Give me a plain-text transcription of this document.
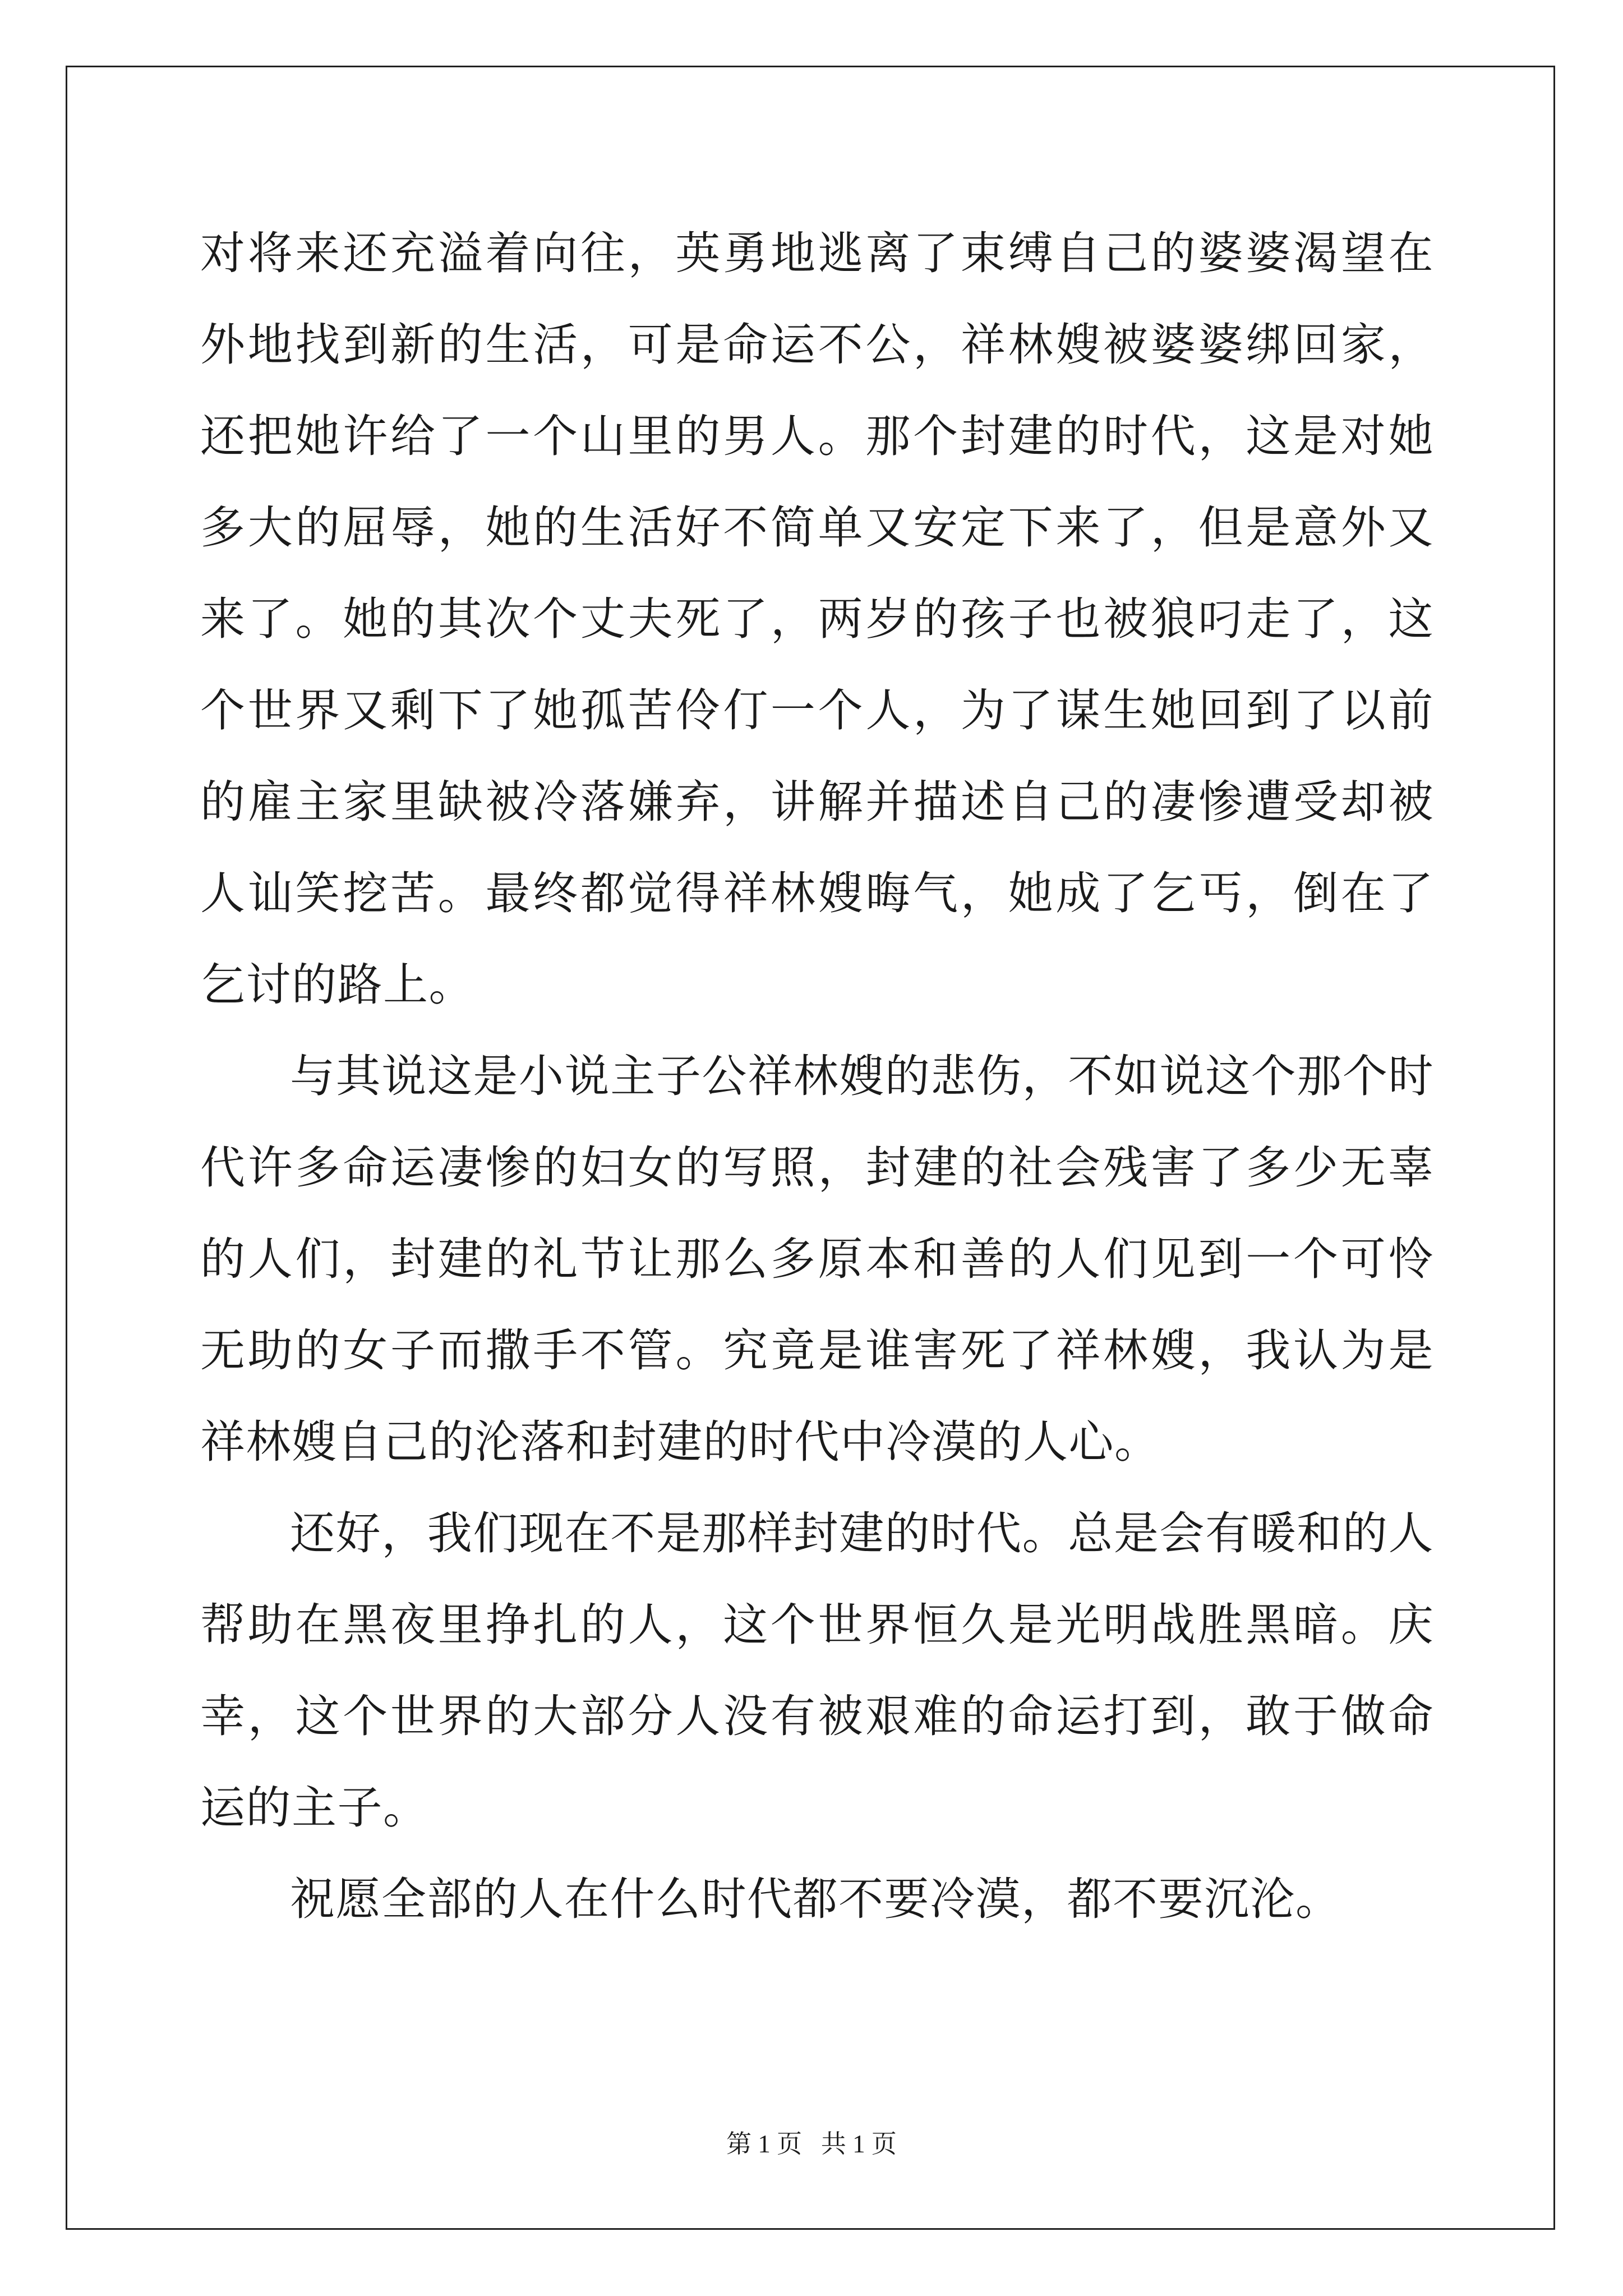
对将来还充溢着向往，英勇地逃离了束缚自己的婆婆渴望在外地找到新的生活，可是命运不公，祥林嫂被婆婆绑回家，还把她许给了一个山里的男人。那个封建的时代，这是对她多大的屈辱，她的生活好不简单又安定下来了，但是意外又来了。她的其次个丈夫死了，两岁的孩子也被狼叼走了，这个世界又剩下了她孤苦伶仃一个人，为了谋生她回到了以前的雇主家里缺被冷落嫌弃，讲解并描述自己的凄惨遭受却被人讪笑挖苦。最终都觉得祥林嫂晦气，她成了乞丐，倒在了乞讨的路上。

与其说这是小说主子公祥林嫂的悲伤，不如说这个那个时代许多命运凄惨的妇女的写照，封建的社会残害了多少无辜的人们，封建的礼节让那么多原本和善的人们见到一个可怜无助的女子而撒手不管。究竟是谁害死了祥林嫂，我认为是祥林嫂自己的沦落和封建的时代中冷漠的人心。

还好，我们现在不是那样封建的时代。总是会有暖和的人帮助在黑夜里挣扎的人，这个世界恒久是光明战胜黑暗。庆幸，这个世界的大部分人没有被艰难的命运打到，敢于做命运的主子。

祝愿全部的人在什么时代都不要冷漠，都不要沉沦。

第 1 页   共 1 页
